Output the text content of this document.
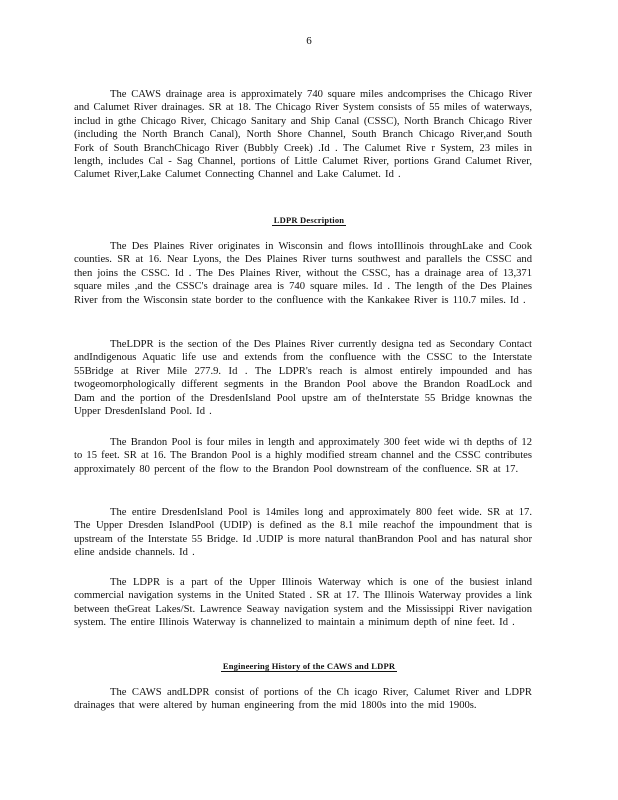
6

The CAWS drainage area is approximately 740 square miles andcomprises the Chicago River and Calumet River drainages. SR at 18. The Chicago River System consists of 55 miles of waterways, includ in gthe Chicago River, Chicago Sanitary and Ship Canal (CSSC), North Branch Chicago River (including the North Branch Canal), North Shore Channel, South Branch Chicago River,and South Fork of South BranchChicago River (Bubbly Creek) .Id . The Calumet Rive r System, 23 miles in length, includes Cal - Sag Channel, portions of Little Calumet River, portions Grand Calumet River, Calumet River,Lake Calumet Connecting Channel and Lake Calumet. Id .

LDPR Description

The Des Plaines River originates in Wisconsin and flows intoIllinois throughLake and Cook counties. SR at 16. Near Lyons, the Des Plaines River turns southwest and parallels the CSSC and then joins the CSSC. Id . The Des Plaines River, without the CSSC, has a drainage area of 13,371 square miles ,and the CSSC's drainage area is 740 square miles. Id . The length of the Des Plaines River from the Wisconsin state border to the confluence with the Kankakee River is 110.7 miles. Id .

TheLDPR is the section of the Des Plaines River currently designa ted as Secondary Contact andIndigenous Aquatic life use and extends from the confluence with the CSSC to the Interstate 55Bridge at River Mile 277.9. Id . The LDPR's reach is almost entirely impounded and has twogeomorphologically different segments in the Brandon Pool above the Brandon RoadLock and Dam and the portion of the DresdenIsland Pool upstre am of theInterstate 55 Bridge knownas the Upper DresdenIsland Pool. Id .

The Brandon Pool is four miles in length and approximately 300 feet wide wi th depths of 12 to 15 feet. SR at 16. The Brandon Pool is a highly modified stream channel and the CSSC contributes approximately 80 percent of the flow to the Brandon Pool downstream of the confluence. SR at 17.

The entire DresdenIsland Pool is 14miles long and approximately 800 feet wide. SR at 17. The Upper Dresden IslandPool (UDIP) is defined as the 8.1 mile reachof the impoundment that is upstream of the Interstate 55 Bridge. Id .UDIP is more natural thanBrandon Pool and has natural shor eline andside channels. Id .

The LDPR is a part of the Upper Illinois Waterway which is one of the busiest inland commercial navigation systems in the United Stated . SR at 17. The Illinois Waterway provides a link between theGreat Lakes/St. Lawrence Seaway navigation system and the Mississippi River navigation system. The entire Illinois Waterway is channelized to maintain a minimum depth of nine feet. Id .

Engineering History of the CAWS and LDPR

The CAWS andLDPR consist of portions of the Ch icago River, Calumet River and LDPR drainages that were altered by human engineering from the mid 1800s into the mid 1900s.
